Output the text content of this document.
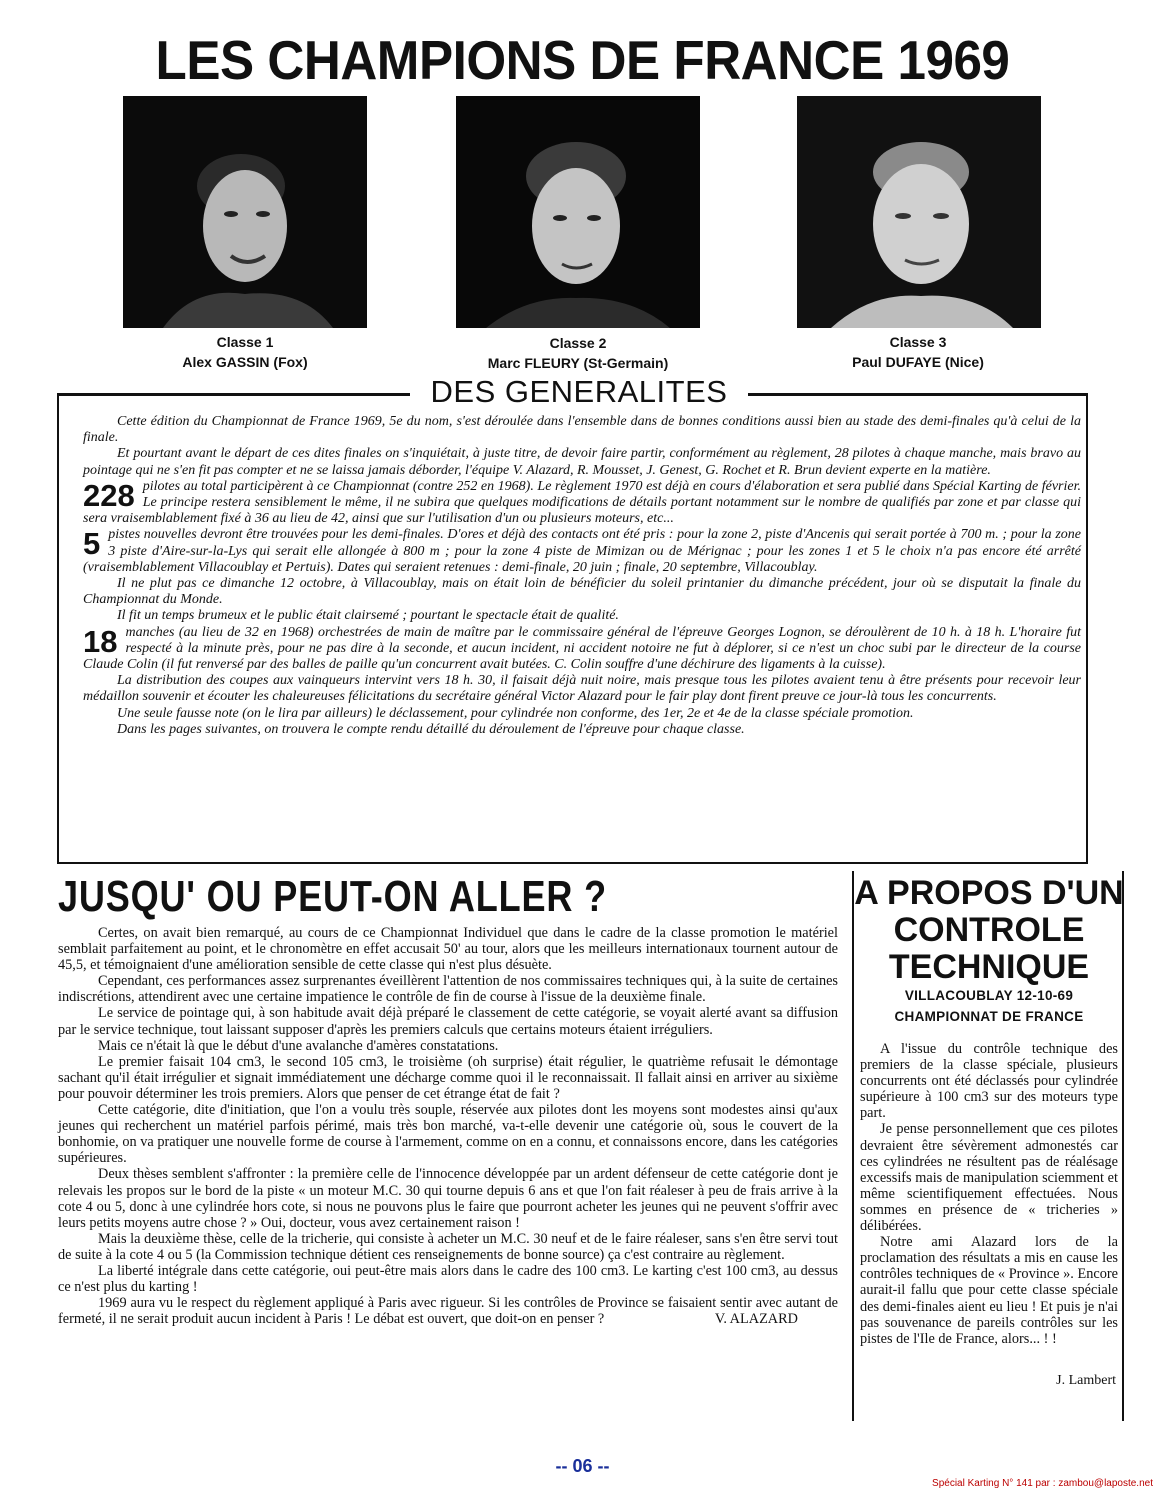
LES CHAMPIONS DE FRANCE 1969
Classe 1
Alex GASSIN (Fox)
Classe 2
Marc FLEURY (St-Germain)
Classe 3
Paul DUFAYE (Nice)

Cette édition du Championnat de France 1969, 5e du nom, s'est déroulée dans l'ensemble dans de bonnes conditions aussi bien au stade des demi-finales qu'à celui de la finale.

Et pourtant avant le départ de ces dites finales on s'inquiétait, à juste titre, de devoir faire partir, conformément au règlement, 28 pilotes à chaque manche, mais bravo au pointage qui ne s'en fit pas compter et ne se laissa jamais déborder, l'équipe V. Alazard, R. Mousset, J. Genest, G. Rochet et R. Brun devient experte en la matière.

228 pilotes au total participèrent à ce Championnat (contre 252 en 1968). Le règlement 1970 est déjà en cours d'élaboration et sera publié dans Spécial Karting de février. Le principe restera sensiblement le même, il ne subira que quelques modifications de détails portant notamment sur le nombre de qualifiés par zone et par classe qui sera vraisemblablement fixé à 36 au lieu de 42, ainsi que sur l'utilisation d'un ou plusieurs moteurs, etc...

5 pistes nouvelles devront être trouvées pour les demi-finales. D'ores et déjà des contacts ont été pris : pour la zone 2, piste d'Ancenis qui serait portée à 700 m. ; pour la zone 3 piste d'Aire-sur-la-Lys qui serait elle allongée à 800 m ; pour la zone 4 piste de Mimizan ou de Mérignac ; pour les zones 1 et 5 le choix n'a pas encore été arrêté (vraisemblablement Villacoublay et Pertuis). Dates qui seraient retenues : demi-finale, 20 juin ; finale, 20 septembre, Villacoublay.

Il ne plut pas ce dimanche 12 octobre, à Villacoublay, mais on était loin de bénéficier du soleil printanier du dimanche précédent, jour où se disputait la finale du Championnat du Monde.

Il fit un temps brumeux et le public était clairsemé ; pourtant le spectacle était de qualité.

18 manches (au lieu de 32 en 1968) orchestrées de main de maître par le commissaire général de l'épreuve Georges Lognon, se déroulèrent de 10 h. à 18 h. L'horaire fut respecté à la minute près, pour ne pas dire à la seconde, et aucun incident, ni accident notoire ne fut à déplorer, si ce n'est un choc subi par le directeur de la course Claude Colin (il fut renversé par des balles de paille qu'un concurrent avait butées. C. Colin souffre d'une déchirure des ligaments à la cuisse).

La distribution des coupes aux vainqueurs intervint vers 18 h. 30, il faisait déjà nuit noire, mais presque tous les pilotes avaient tenu à être présents pour recevoir leur médaillon souvenir et écouter les chaleureuses félicitations du secrétaire général Victor Alazard pour le fair play dont firent preuve ce jour-là tous les concurrents.

Une seule fausse note (on le lira par ailleurs) le déclassement, pour cylindrée non conforme, des 1er, 2e et 4e de la classe spéciale promotion.

Dans les pages suivantes, on trouvera le compte rendu détaillé du déroulement de l'épreuve pour chaque classe.

DES GENERALITES
JUSQU' OU PEUT-ON ALLER ?

Certes, on avait bien remarqué, au cours de ce Championnat Individuel que dans le cadre de la classe promotion le matériel semblait parfaitement au point, et le chronomètre en effet accusait 50' au tour, alors que les meilleurs internationaux tournent autour de 45,5, et témoignaient d'une amélioration sensible de cette classe qui n'est plus désuète.

Cependant, ces performances assez surprenantes éveillèrent l'attention de nos commissaires techniques qui, à la suite de certaines indiscrétions, attendirent avec une certaine impatience le contrôle de fin de course à l'issue de la deuxième finale.

Le service de pointage qui, à son habitude avait déjà préparé le classement de cette catégorie, se voyait alerté avant sa diffusion par le service technique, tout laissant supposer d'après les premiers calculs que certains moteurs étaient irréguliers.

Mais ce n'était là que le début d'une avalanche d'amères constatations.

Le premier faisait 104 cm3, le second 105 cm3, le troisième (oh surprise) était régulier, le quatrième refusait le démontage sachant qu'il était irrégulier et signait immédiatement une décharge comme quoi il le reconnaissait. Il fallait ainsi en arriver au sixième pour pouvoir déterminer les trois premiers. Alors que penser de cet étrange état de fait ?

Cette catégorie, dite d'initiation, que l'on a voulu très souple, réservée aux pilotes dont les moyens sont modestes ainsi qu'aux jeunes qui recherchent un matériel parfois périmé, mais très bon marché, va-t-elle devenir une catégorie où, sous le couvert de la bonhomie, on va pratiquer une nouvelle forme de course à l'armement, comme on en a connu, et connaissons encore, dans les catégories supérieures.

Deux thèses semblent s'affronter : la première celle de l'innocence développée par un ardent défenseur de cette catégorie dont je relevais les propos sur le bord de la piste « un moteur M.C. 30 qui tourne depuis 6 ans et que l'on fait réaleser à peu de frais arrive à la cote 4 ou 5, donc à une cylindrée hors cote, si nous ne pouvons plus le faire que pourront acheter les jeunes qui ne peuvent s'offrir avec leurs petits moyens autre chose ? » Oui, docteur, vous avez certainement raison !

Mais la deuxième thèse, celle de la tricherie, qui consiste à acheter un M.C. 30 neuf et de le faire réaleser, sans s'en être servi tout de suite à la cote 4 ou 5 (la Commission technique détient ces renseignements de bonne source) ça c'est contraire au règlement.

La liberté intégrale dans cette catégorie, oui peut-être mais alors dans le cadre des 100 cm3. Le karting c'est 100 cm3, au dessus ce n'est plus du karting !

1969 aura vu le respect du règlement appliqué à Paris avec rigueur. Si les contrôles de Province se faisaient sentir avec autant de fermeté, il ne serait produit aucun incident à Paris ! Le débat est ouvert, que doit-on en penser ?	V. ALAZARD

A PROPOS D'UN
CONTROLE
TECHNIQUE
VILLACOUBLAY 12-10-69
CHAMPIONNAT DE FRANCE

A l'issue du contrôle technique des premiers de la classe spéciale, plusieurs concurrents ont été déclassés pour cylindrée supérieure à 100 cm3 sur des moteurs type part.

Je pense personnellement que ces pilotes devraient être sévèrement admonestés car ces cylindrées ne résultent pas de réalésage excessifs mais de manipulation sciemment et même scientifiquement effectuées. Nous sommes en présence de « tricheries » délibérées.

Notre ami Alazard lors de la proclamation des résultats a mis en cause les contrôles techniques de « Province ». Encore aurait-il fallu que pour cette classe spéciale des demi-finales aient eu lieu ! Et puis je n'ai pas souvenance de pareils contrôles sur les pistes de l'Ile de France, alors... ! !

J. Lambert
-- 06 --
Spécial Karting N° 141 par : zambou@laposte.net
